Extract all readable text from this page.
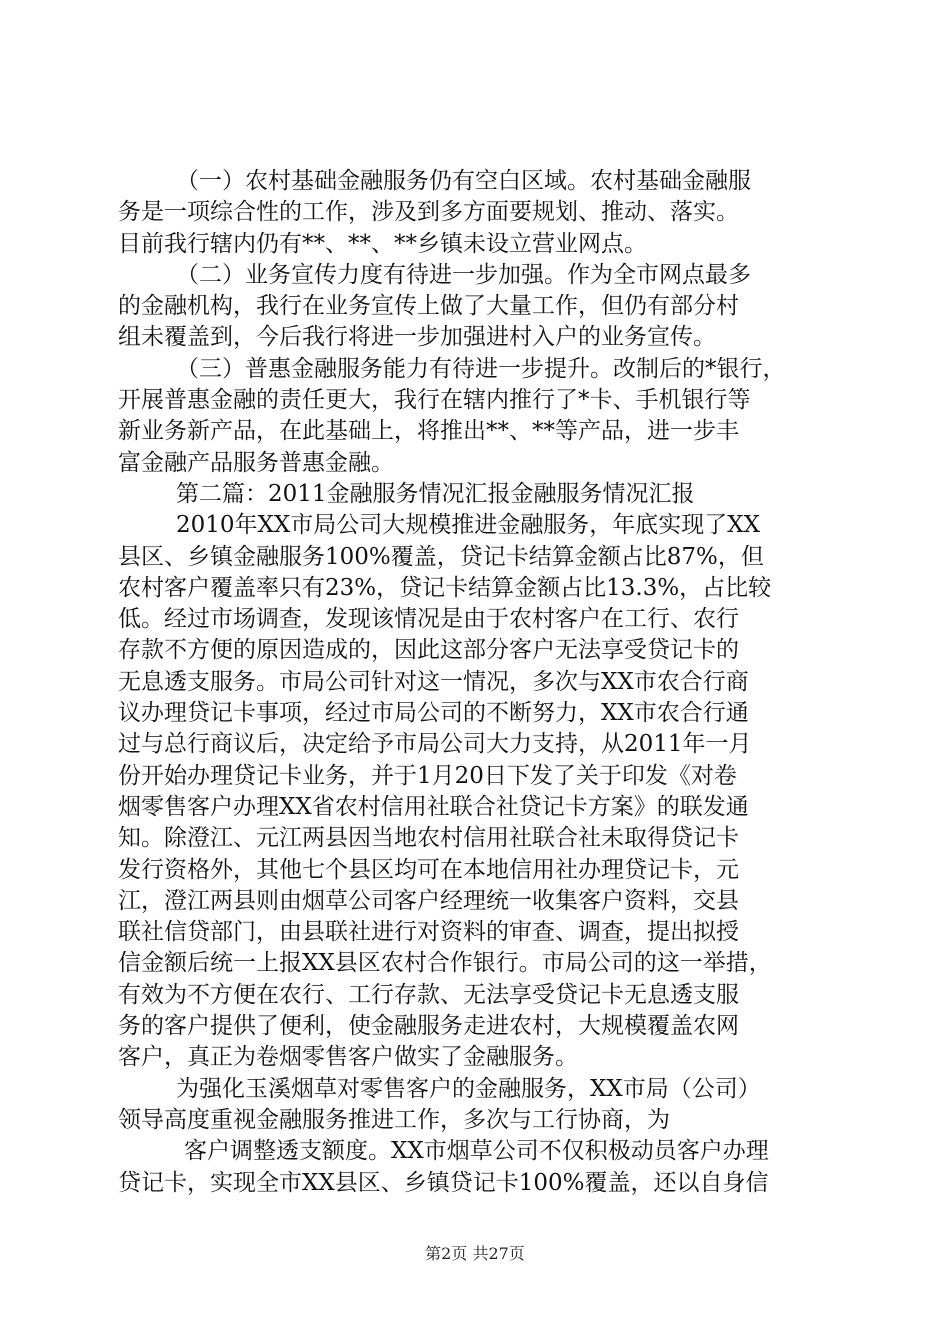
（一）农村基础金融服务仍有空白区域。农村基础金融服
务是一项综合性的工作，涉及到多方面要规划、推动、落实。
目前我行辖内仍有**、**、**乡镇未设立营业网点。
（二）业务宣传力度有待进一步加强。作为全市网点最多
的金融机构，我行在业务宣传上做了大量工作，但仍有部分村
组未覆盖到，今后我行将进一步加强进村入户的业务宣传。
（三）普惠金融服务能力有待进一步提升。改制后的*银行，
开展普惠金融的责任更大，我行在辖内推行了*卡、手机银行等
新业务新产品，在此基础上，将推出**、**等产品，进一步丰
富金融产品服务普惠金融。
第二篇：2011金融服务情况汇报金融服务情况汇报
2010年XX市局公司大规模推进金融服务，年底实现了XX
县区、乡镇金融服务100%覆盖，贷记卡结算金额占比87%，但
农村客户覆盖率只有23%，贷记卡结算金额占比13.3%，占比较
低。经过市场调查，发现该情况是由于农村客户在工行、农行
存款不方便的原因造成的，因此这部分客户无法享受贷记卡的
无息透支服务。市局公司针对这一情况，多次与XX市农合行商
议办理贷记卡事项，经过市局公司的不断努力，XX市农合行通
过与总行商议后，决定给予市局公司大力支持，从2011年一月
份开始办理贷记卡业务，并于1月20日下发了关于印发《对卷
烟零售客户办理XX省农村信用社联合社贷记卡方案》的联发通
知。除澄江、元江两县因当地农村信用社联合社未取得贷记卡
发行资格外，其他七个县区均可在本地信用社办理贷记卡，元
江，澄江两县则由烟草公司客户经理统一收集客户资料，交县
联社信贷部门，由县联社进行对资料的审查、调查，提出拟授
信金额后统一上报XX县区农村合作银行。市局公司的这一举措，
有效为不方便在农行、工行存款、无法享受贷记卡无息透支服
务的客户提供了便利，使金融服务走进农村，大规模覆盖农网
客户，真正为卷烟零售客户做实了金融服务。
为强化玉溪烟草对零售客户的金融服务，XX市局（公司）
领导高度重视金融服务推进工作，多次与工行协商，为
客户调整透支额度。XX市烟草公司不仅积极动员客户办理
贷记卡，实现全市XX县区、乡镇贷记卡100%覆盖，还以自身信
第2页 共27页
